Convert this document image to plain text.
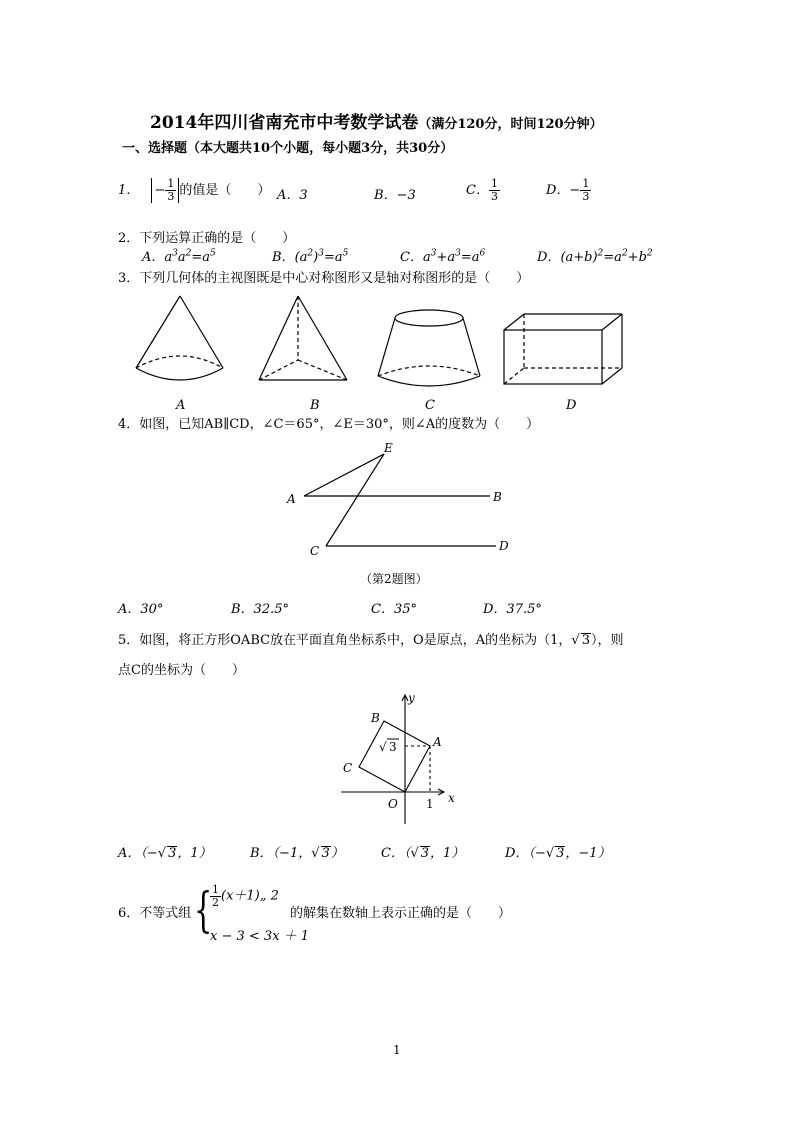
2014年四川省南充市中考数学试卷（满分120分，时间120分钟）
一、选择题（本大题共10个小题，每小题3分，共30分）
1． − $\frac{1}{3}$ 的值是（　　） A．3	B．−3	C． $\frac{1}{3}$	D．− $\frac{1}{3}$
2．下列运算正确的是（　　）
A．$a^3a^2=a^5$	B．$(a^2)^3=a^5$	C．$a^3+a^3=a^6$	D．$(a+b)^2=a^2+b^2$
3．下列几何体的主视图既是中心对称图形又是轴对称图形的是（　　）
A	B	C	D
4．如图，已知AB∥CD，∠C＝65°，∠E＝30°，则∠A的度数为（　　）
E
A	B
C	D
（第2题图）
A．30°	B．32.5°	C．35°	D．37.5°
5．如图，将正方形OABC放在平面直角坐标系中，O是原点，A的坐标为（1，√ 3），则
点C的坐标为（　　）
y
x
O 1
A
B
C
√ 3
A．（−√ 3，1）	B．（−1，√ 3）	C．（√ 3，1）	D．（−√ 3，−1）
6．不等式组 {
$\frac{1}{2}$ (x＋1)„ 2
x − 3 < 3x ＋ 1
的解集在数轴上表示正确的是（　　）
1
